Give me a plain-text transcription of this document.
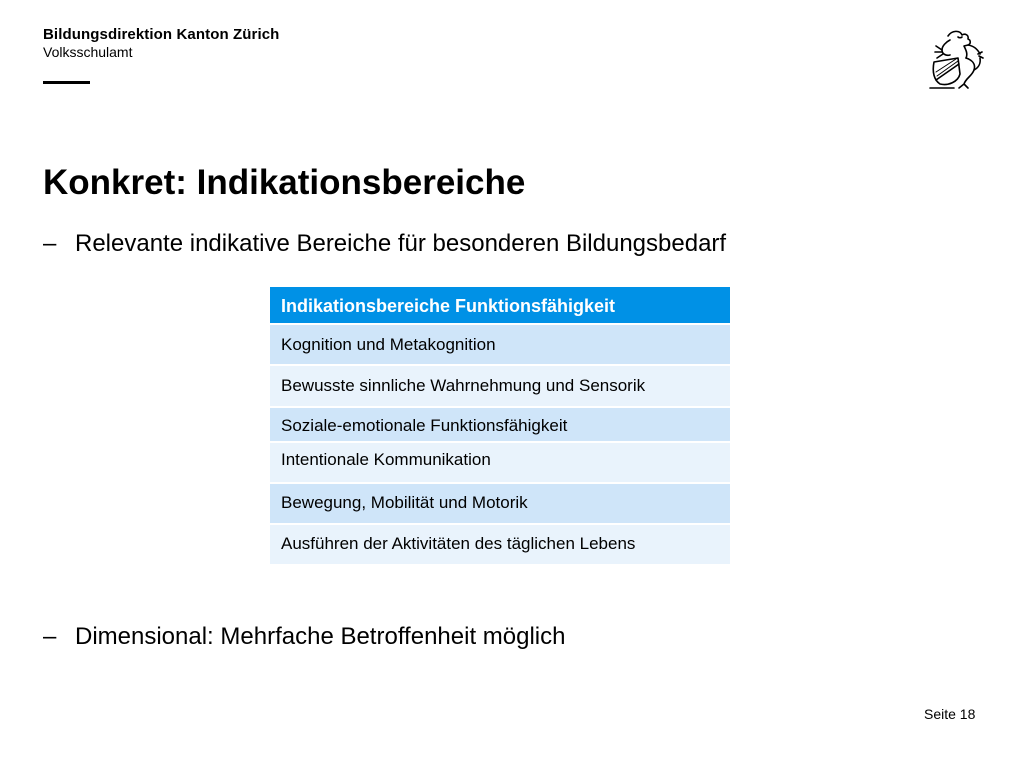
Bildungsdirektion Kanton Zürich
Volksschulamt
Konkret: Indikationsbereiche
– Relevante indikative Bereiche für besonderen Bildungsbedarf
Indikationsbereiche Funktionsfähigkeit
Kognition und Metakognition
Bewusste sinnliche Wahrnehmung und Sensorik
Soziale-emotionale Funktionsfähigkeit
Intentionale Kommunikation
Bewegung, Mobilität und Motorik
Ausführen der Aktivitäten des täglichen Lebens
– Dimensional: Mehrfache Betroffenheit möglich
Seite 18
